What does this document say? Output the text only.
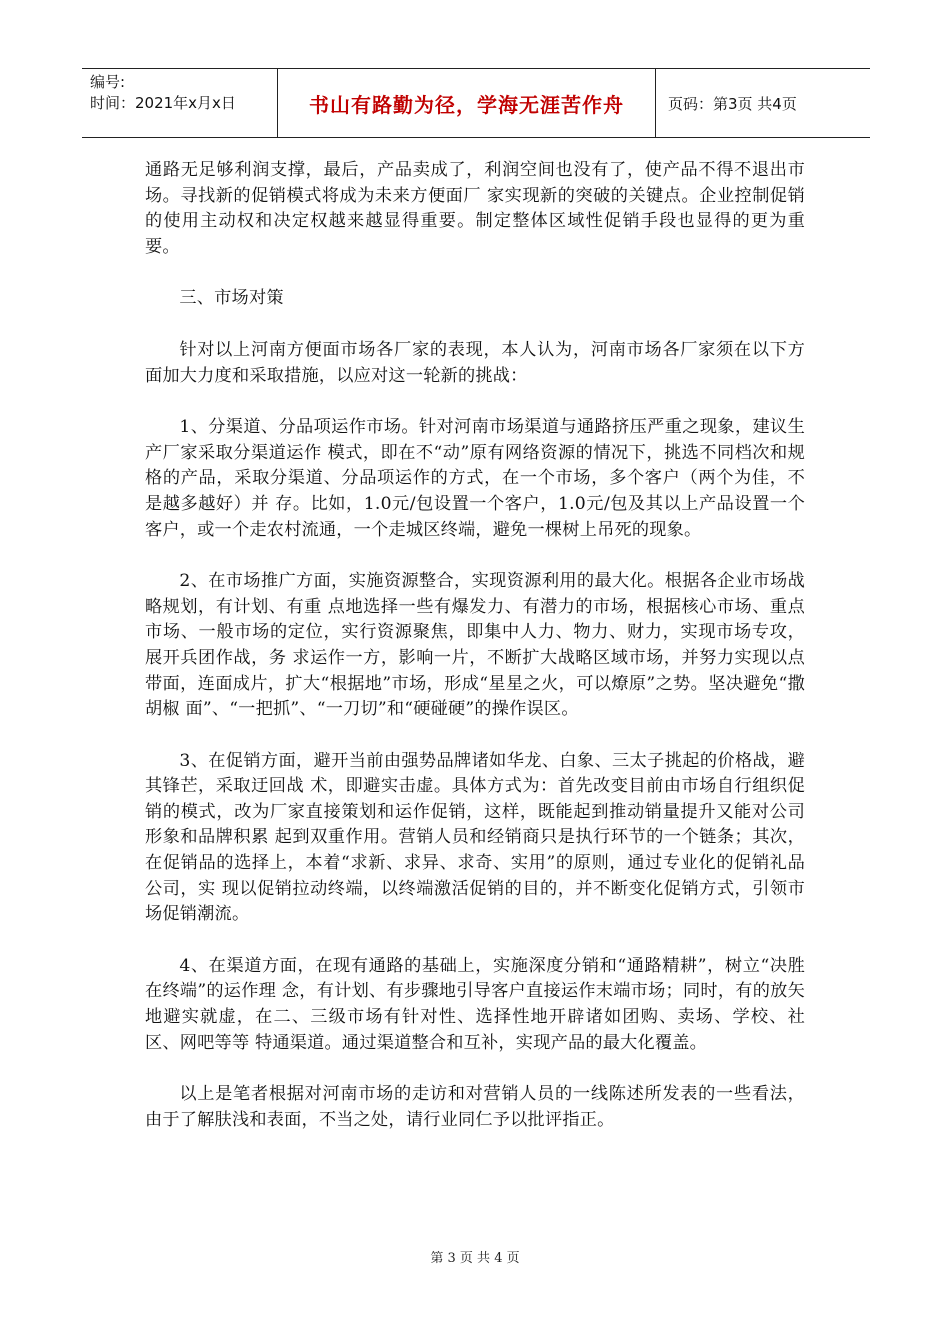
编号:
时间：2021年x月x日	书山有路勤为径，学海无涯苦作舟	页码：第3页 共4页

通路无足够利润支撑，最后，产品卖成了，利润空间也没有了，使产品不得不退出市场。寻找新的促销模式将成为未来方便面厂 家实现新的突破的关键点。企业控制促销的使用主动权和决定权越来越显得重要。制定整体区域性促销手段也显得的更为重要。

三、市场对策

针对以上河南方便面市场各厂家的表现，本人认为，河南市场各厂家须在以下方面加大力度和采取措施，以应对这一轮新的挑战：

1、分渠道、分品项运作市场。针对河南市场渠道与通路挤压严重之现象，建议生产厂家采取分渠道运作 模式，即在不“动”原有网络资源的情况下，挑选不同档次和规格的产品，采取分渠道、分品项运作的方式，在一个市场，多个客户（两个为佳，不是越多越好）并 存。比如，1.0元/包设置一个客户，1.0元/包及其以上产品设置一个客户，或一个走农村流通，一个走城区终端，避免一棵树上吊死的现象。

2、在市场推广方面，实施资源整合，实现资源利用的最大化。根据各企业市场战略规划，有计划、有重 点地选择一些有爆发力、有潜力的市场，根据核心市场、重点市场、一般市场的定位，实行资源聚焦，即集中人力、物力、财力，实现市场专攻，展开兵团作战，务 求运作一方，影响一片，不断扩大战略区域市场，并努力实现以点带面，连面成片，扩大“根据地”市场，形成“星星之火，可以燎原”之势。坚决避免“撒胡椒 面”、“一把抓”、“一刀切”和“硬碰硬”的操作误区。

3、在促销方面，避开当前由强势品牌诸如华龙、白象、三太子挑起的价格战，避其锋芒，采取迂回战 术，即避实击虚。具体方式为：首先改变目前由市场自行组织促销的模式，改为厂家直接策划和运作促销，这样，既能起到推动销量提升又能对公司形象和品牌积累 起到双重作用。营销人员和经销商只是执行环节的一个链条；其次，在促销品的选择上，本着“求新、求异、求奇、实用”的原则，通过专业化的促销礼品公司，实 现以促销拉动终端，以终端激活促销的目的，并不断变化促销方式，引领市场促销潮流。

4、在渠道方面，在现有通路的基础上，实施深度分销和“通路精耕”，树立“决胜在终端”的运作理 念，有计划、有步骤地引导客户直接运作末端市场；同时，有的放矢地避实就虚，在二、三级市场有针对性、选择性地开辟诸如团购、卖场、学校、社区、网吧等等 特通渠道。通过渠道整合和互补，实现产品的最大化覆盖。

以上是笔者根据对河南市场的走访和对营销人员的一线陈述所发表的一些看法，由于了解肤浅和表面，不当之处，请行业同仁予以批评指正。

第 3 页 共 4 页
